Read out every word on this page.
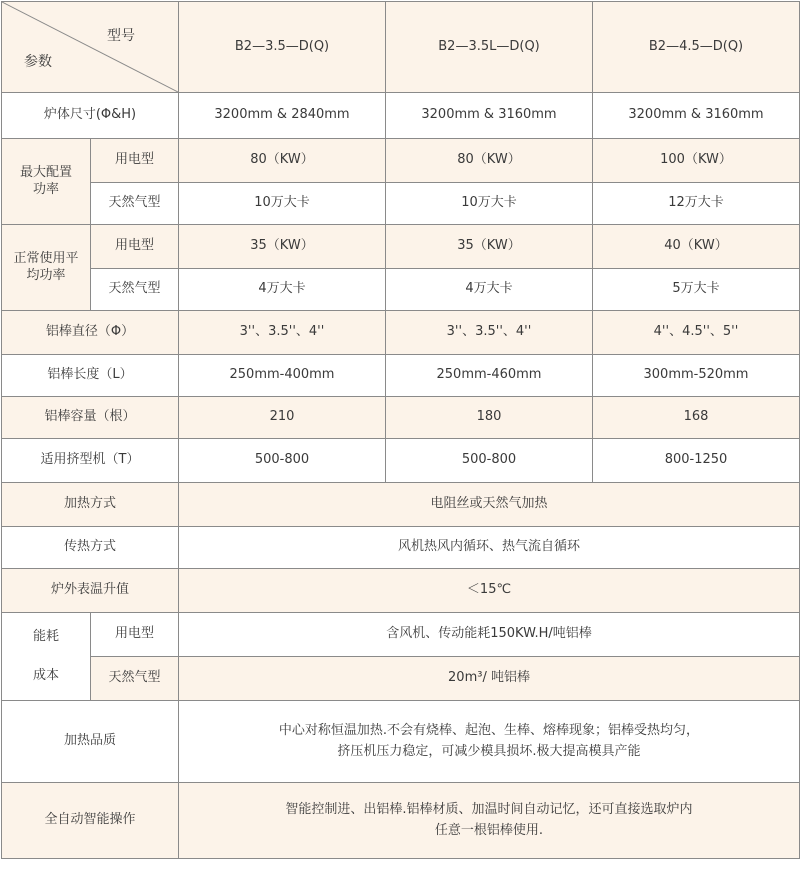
型号
参数		B2—3.5—D(Q)	B2—3.5L—D(Q)	B2—4.5—D(Q)
炉体尺寸(Φ&H)		3200mm & 2840mm	3200mm & 3160mm	3200mm & 3160mm
最大配置功率	用电型	80（KW）	80（KW）	100（KW）
	天然气型	10万大卡	10万大卡	12万大卡
正常使用平均功率	用电型	35（KW）	35（KW）	40（KW）
	天然气型	4万大卡	4万大卡	5万大卡
铝棒直径（Φ）		3''、3.5''、4''	3''、3.5''、4''	4''、4.5''、5''
铝棒长度（L）		250mm-400mm	250mm-460mm	300mm-520mm
铝棒容量（根）		210	180	168
适用挤型机（T）		500-800	500-800	800-1250
加热方式		电阻丝或天然气加热		
传热方式		风机热风内循环、热气流自循环		
炉外表温升值		＜15℃		

能耗
成本	用电型	含风机、传动能耗150KW.H/吨铝棒		
	天然气型	20m³/ 吨铝棒		
加热品质		中心对称恒温加热.不会有烧棒、起泡、生棒、熔棒现象；铝棒受热均匀，
挤压机压力稳定，可减少模具损坏.极大提高模具产能		

全自动智能操作		智能控制进、出铝棒.铝棒材质、加温时间自动记忆，还可直接选取炉内
任意一根铝棒使用.		
